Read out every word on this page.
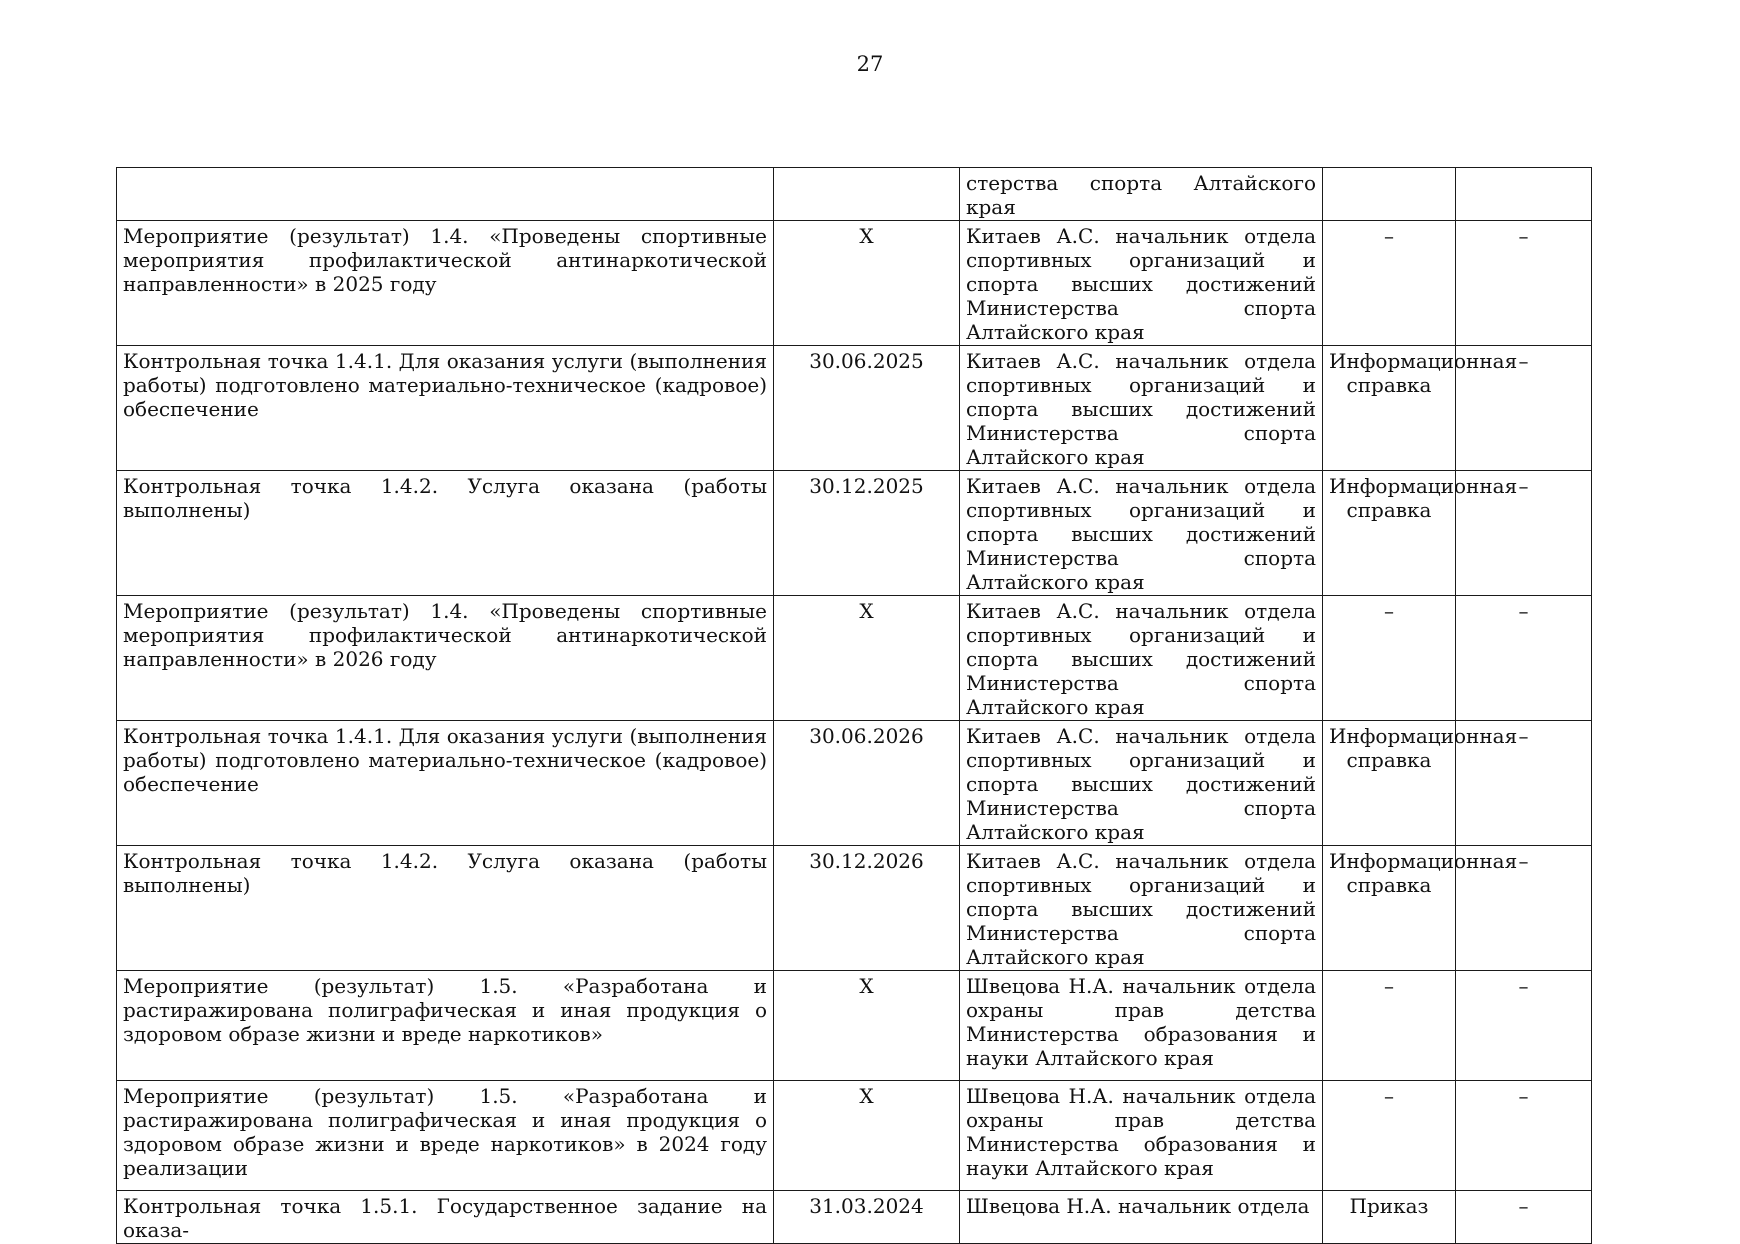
27
		стерства спорта Алтайского края		
Мероприятие (результат) 1.4. «Проведены спортивные мероприятия профилактической антинаркотической направленности» в 2025 году	X	Китаев А.С. начальник отдела спортивных организаций и спорта высших достижений Министерства спорта Алтайского края	–	–
Контрольная точка 1.4.1. Для оказания услуги (выполнения работы) подготовлено материально-техническое (кадровое) обеспечение	30.06.2025	Китаев А.С. начальник отдела спортивных организаций и спорта высших достижений Министерства спорта Алтайского края	Информационная справка	–
Контрольная точка 1.4.2. Услуга оказана (работы выполнены)	30.12.2025	Китаев А.С. начальник отдела спортивных организаций и спорта высших достижений Министерства спорта Алтайского края	Информационная справка	–
Мероприятие (результат) 1.4. «Проведены спортивные мероприятия профилактической антинаркотической направленности» в 2026 году	X	Китаев А.С. начальник отдела спортивных организаций и спорта высших достижений Министерства спорта Алтайского края	–	–
Контрольная точка 1.4.1. Для оказания услуги (выполнения работы) подготовлено материально-техническое (кадровое) обеспечение	30.06.2026	Китаев А.С. начальник отдела спортивных организаций и спорта высших достижений Министерства спорта Алтайского края	Информационная справка	–
Контрольная точка 1.4.2. Услуга оказана (работы выполнены)	30.12.2026	Китаев А.С. начальник отдела спортивных организаций и спорта высших достижений Министерства спорта Алтайского края	Информационная справка	–
Мероприятие (результат) 1.5. «Разработана и растиражирована полиграфическая и иная продукция о здоровом образе жизни и вреде наркотиков»	X	Швецова Н.А. начальник отдела охраны прав детства Министерства образования и науки Алтайского края	–	–
Мероприятие (результат) 1.5. «Разработана и растиражирована полиграфическая и иная продукция о здоровом образе жизни и вреде наркотиков» в 2024 году реализации	X	Швецова Н.А. начальник отдела охраны прав детства Министерства образования и науки Алтайского края	–	–
Контрольная точка 1.5.1. Государственное задание на оказа-	31.03.2024	Швецова Н.А. начальник отдела	Приказ	–
